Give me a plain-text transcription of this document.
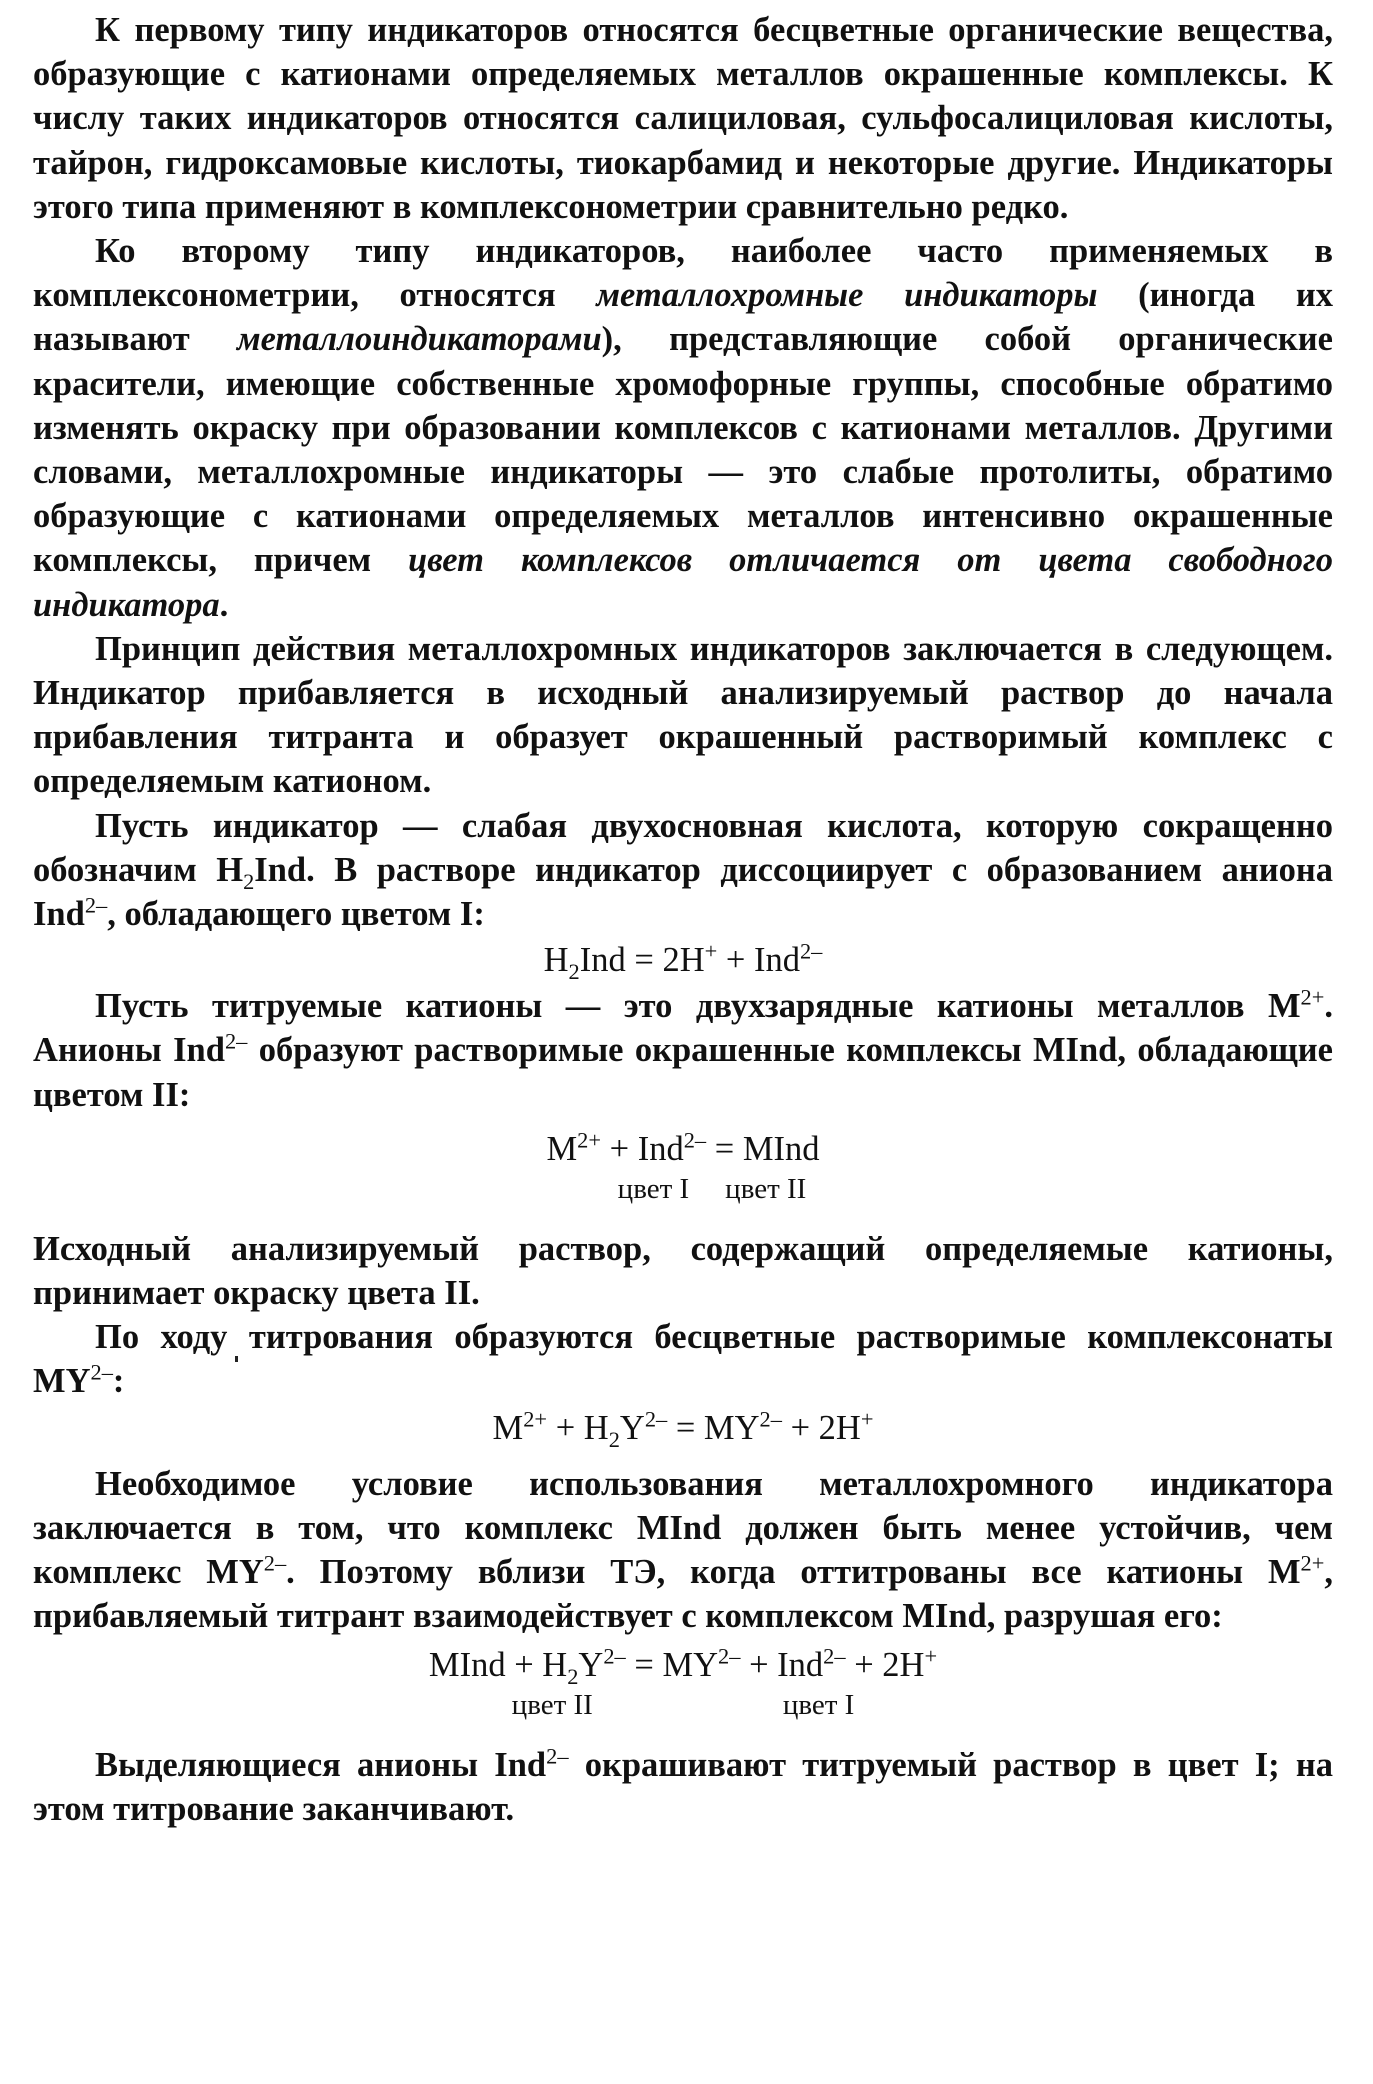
К первому типу индикаторов относятся бесцветные органические вещества, образующие с катионами определяемых металлов окрашенные комплексы. К числу таких индикаторов относятся салициловая, сульфосалициловая кислоты, тайрон, гидроксамовые кислоты, тиокарбамид и некоторые другие. Индикаторы этого типа применяют в комплексонометрии сравнительно редко.

Ко второму типу индикаторов, наиболее часто применяемых в комплексонометрии, относятся металлохромные индикаторы (иногда их называют металлоиндикаторами), представляющие собой органические красители, имеющие собственные хромофорные группы, способные обратимо изменять окраску при образовании комплексов с катионами металлов. Другими словами, металлохромные индикаторы — это слабые протолиты, обратимо образующие с катионами определяемых металлов интенсивно окрашенные комплексы, причем цвет комплексов отличается от цвета свободного индикатора.

Принцип действия металлохромных индикаторов заключается в следующем. Индикатор прибавляется в исходный анализируемый раствор до начала прибавления титранта и образует окрашенный растворимый комплекс с определяемым катионом.

Пусть индикатор — слабая двухосновная кислота, которую сокращенно обозначим $H_2Ind$. В растворе индикатор диссоциирует с образованием аниона Ind$^{2-}$, обладающего цветом I:

$H_2Ind = 2H^+ + Ind^{2-}$

Пусть титруемые катионы — это двухзарядные катионы металлов $M^{2+}$. Анионы Ind$^{2-}$ образуют растворимые окрашенные комплексы MInd, обладающие цветом II:

$M^{2+} + Ind^{2-}$ = MInd
цвет I цвет II

Исходный анализируемый раствор, содержащий определяемые катионы, принимает окраску цвета II.

По ходу титрования образуются бесцветные растворимые комплексонаты $MY^{2-}$:

$M^{2+} + H_2Y^{2-} = MY^{2-} + 2H^+$

Необходимое условие использования металлохромного индикатора заключается в том, что комплекс MInd должен быть менее устойчив, чем комплекс $MY^{2-}$. Поэтому вблизи ТЭ, когда оттитрованы все катионы $M^{2+}$, прибавляемый титрант взаимодействует с комплексом MInd, разрушая его:

MInd + $H_2Y^{2-} = MY^{2-} + Ind^{2-} + 2H^+$
цвет II	цвет I

Выделяющиеся анионы Ind$^{2-}$ окрашивают титруемый раствор в цвет I; на этом титрование заканчивают.
